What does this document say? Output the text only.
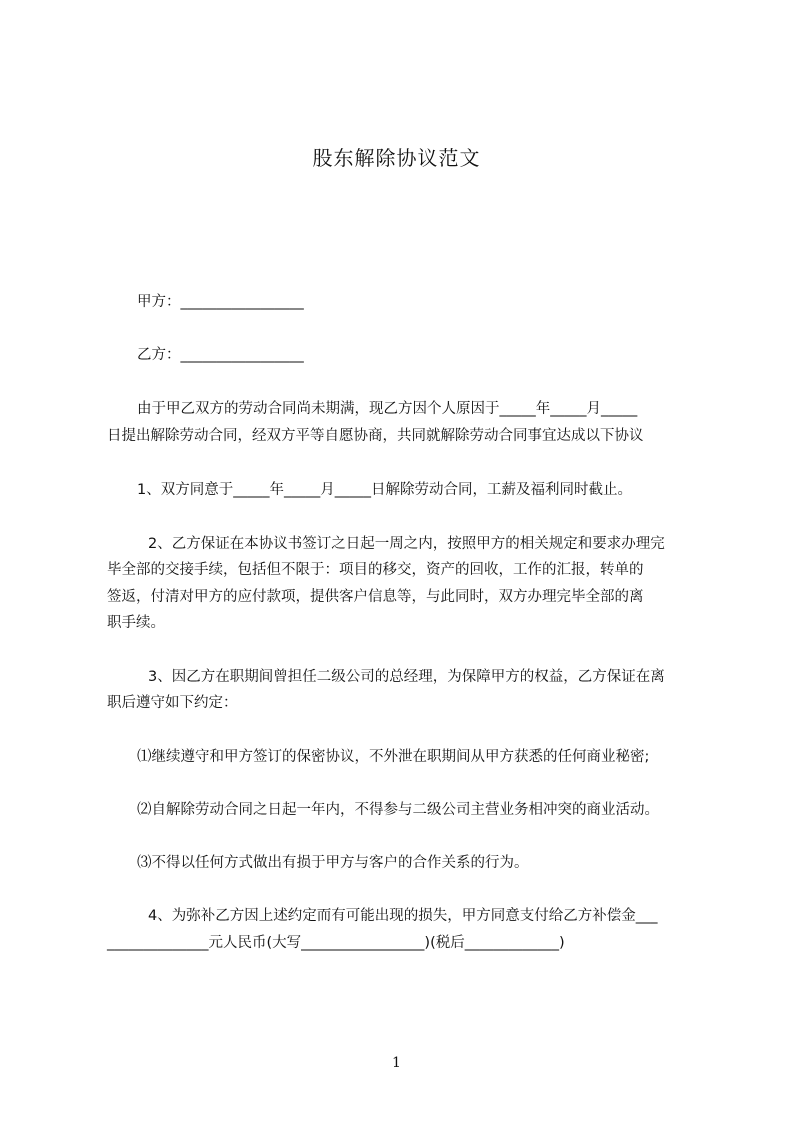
股东解除协议范文
甲方：_________________
乙方：_________________
由于甲乙双方的劳动合同尚未期满，现乙方因个人原因于_____年_____月_____
日提出解除劳动合同，经双方平等自愿协商，共同就解除劳动合同事宜达成以下协议
1、双方同意于_____年_____月_____日解除劳动合同，工薪及福利同时截止。
2、乙方保证在本协议书签订之日起一周之内，按照甲方的相关规定和要求办理完
毕全部的交接手续，包括但不限于：项目的移交，资产的回收，工作的汇报，转单的
签返，付清对甲方的应付款项，提供客户信息等，与此同时，双方办理完毕全部的离
职手续。
3、因乙方在职期间曾担任二级公司的总经理，为保障甲方的权益，乙方保证在离
职后遵守如下约定：
⑴继续遵守和甲方签订的保密协议，不外泄在职期间从甲方获悉的任何商业秘密;
⑵自解除劳动合同之日起一年内，不得参与二级公司主营业务相冲突的商业活动。
⑶不得以任何方式做出有损于甲方与客户的合作关系的行为。
4、为弥补乙方因上述约定而有可能出现的损失，甲方同意支付给乙方补偿金___
______________元人民币(大写_________________)(税后_____________)
1
